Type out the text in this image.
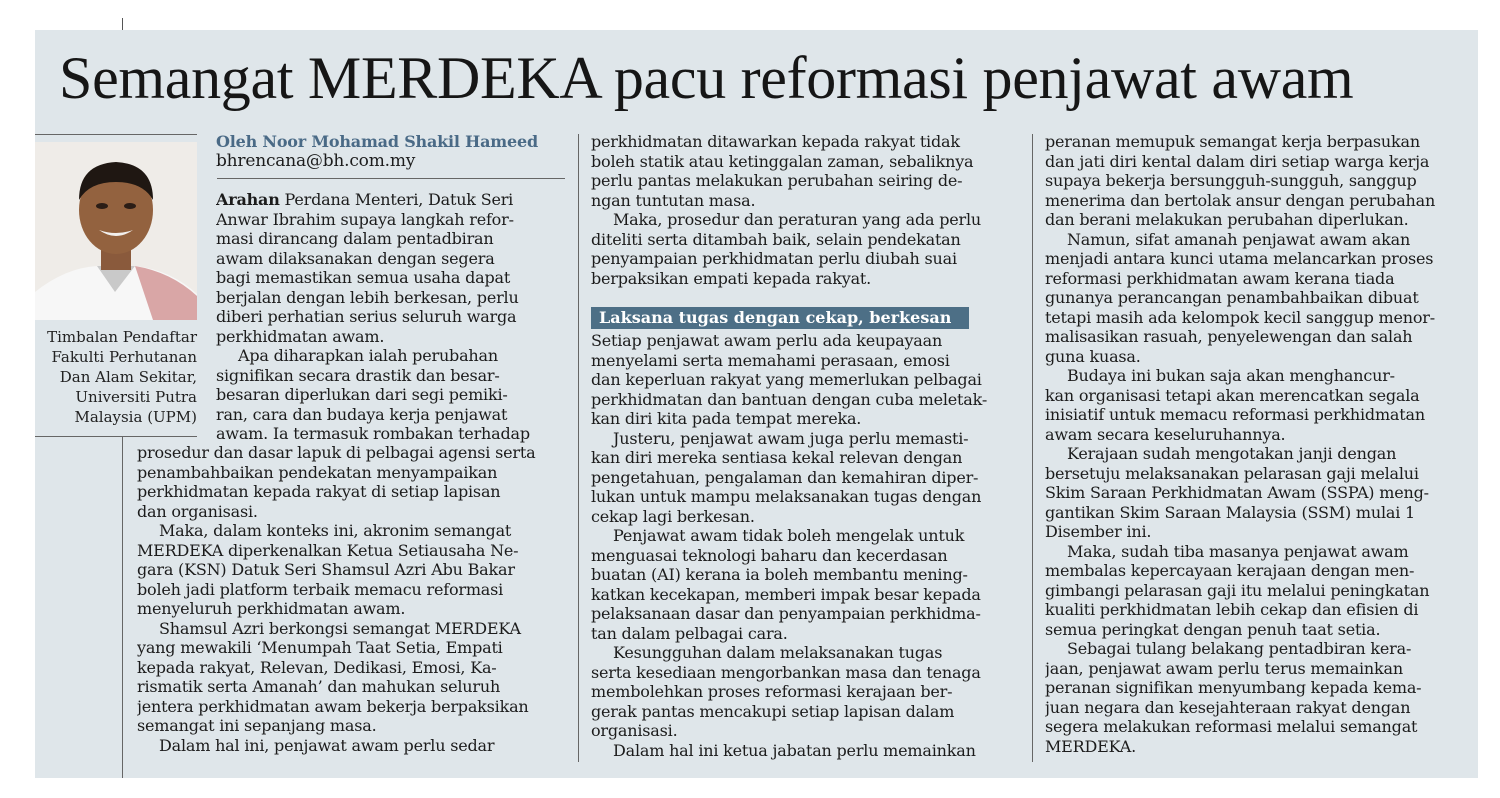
Semangat MERDEKA pacu reformasi penjawat awam
Timbalan Pendaftar
Fakulti Perhutanan
Dan Alam Sekitar,
Universiti Putra
Malaysia (UPM)
Oleh Noor Mohamad Shakil Hameed
bhrencana@bh.com.my
Arahan Perdana Menteri, Datuk Seri
Anwar Ibrahim supaya langkah refor-
masi dirancang dalam pentadbiran
awam dilaksanakan dengan segera
bagi memastikan semua usaha dapat
berjalan dengan lebih berkesan, perlu
diberi perhatian serius seluruh warga
perkhidmatan awam.
Apa diharapkan ialah perubahan
signifikan secara drastik dan besar-
besaran diperlukan dari segi pemiki-
ran, cara dan budaya kerja penjawat
awam. Ia termasuk rombakan terhadap
prosedur dan dasar lapuk di pelbagai agensi serta
penambahbaikan pendekatan menyampaikan
perkhidmatan kepada rakyat di setiap lapisan
dan organisasi.
Maka, dalam konteks ini, akronim semangat
MERDEKA diperkenalkan Ketua Setiausaha Ne-
gara (KSN) Datuk Seri Shamsul Azri Abu Bakar
boleh jadi platform terbaik memacu reformasi
menyeluruh perkhidmatan awam.
Shamsul Azri berkongsi semangat MERDEKA
yang mewakili ‘Menumpah Taat Setia, Empati
kepada rakyat, Relevan, Dedikasi, Emosi, Ka-
rismatik serta Amanah’ dan mahukan seluruh
jentera perkhidmatan awam bekerja berpaksikan
semangat ini sepanjang masa.
Dalam hal ini, penjawat awam perlu sedar
perkhidmatan ditawarkan kepada rakyat tidak
boleh statik atau ketinggalan zaman, sebaliknya
perlu pantas melakukan perubahan seiring de-
ngan tuntutan masa.
Maka, prosedur dan peraturan yang ada perlu
diteliti serta ditambah baik, selain pendekatan
penyampaian perkhidmatan perlu diubah suai
berpaksikan empati kepada rakyat.
Laksana tugas dengan cekap, berkesan
Setiap penjawat awam perlu ada keupayaan
menyelami serta memahami perasaan, emosi
dan keperluan rakyat yang memerlukan pelbagai
perkhidmatan dan bantuan dengan cuba meletak-
kan diri kita pada tempat mereka.
Justeru, penjawat awam juga perlu memasti-
kan diri mereka sentiasa kekal relevan dengan
pengetahuan, pengalaman dan kemahiran diper-
lukan untuk mampu melaksanakan tugas dengan
cekap lagi berkesan.
Penjawat awam tidak boleh mengelak untuk
menguasai teknologi baharu dan kecerdasan
buatan (AI) kerana ia boleh membantu mening-
katkan kecekapan, memberi impak besar kepada
pelaksanaan dasar dan penyampaian perkhidma-
tan dalam pelbagai cara.
Kesungguhan dalam melaksanakan tugas
serta kesediaan mengorbankan masa dan tenaga
membolehkan proses reformasi kerajaan ber-
gerak pantas mencakupi setiap lapisan dalam
organisasi.
Dalam hal ini ketua jabatan perlu memainkan
peranan memupuk semangat kerja berpasukan
dan jati diri kental dalam diri setiap warga kerja
supaya bekerja bersungguh-sungguh, sanggup
menerima dan bertolak ansur dengan perubahan
dan berani melakukan perubahan diperlukan.
Namun, sifat amanah penjawat awam akan
menjadi antara kunci utama melancarkan proses
reformasi perkhidmatan awam kerana tiada
gunanya perancangan penambahbaikan dibuat
tetapi masih ada kelompok kecil sanggup menor-
malisasikan rasuah, penyelewengan dan salah
guna kuasa.
Budaya ini bukan saja akan menghancur-
kan organisasi tetapi akan merencatkan segala
inisiatif untuk memacu reformasi perkhidmatan
awam secara keseluruhannya.
Kerajaan sudah mengotakan janji dengan
bersetuju melaksanakan pelarasan gaji melalui
Skim Saraan Perkhidmatan Awam (SSPA) meng-
gantikan Skim Saraan Malaysia (SSM) mulai 1
Disember ini.
Maka, sudah tiba masanya penjawat awam
membalas kepercayaan kerajaan dengan men-
gimbangi pelarasan gaji itu melalui peningkatan
kualiti perkhidmatan lebih cekap dan efisien di
semua peringkat dengan penuh taat setia.
Sebagai tulang belakang pentadbiran kera-
jaan, penjawat awam perlu terus memainkan
peranan signifikan menyumbang kepada kema-
juan negara dan kesejahteraan rakyat dengan
segera melakukan reformasi melalui semangat
MERDEKA.
